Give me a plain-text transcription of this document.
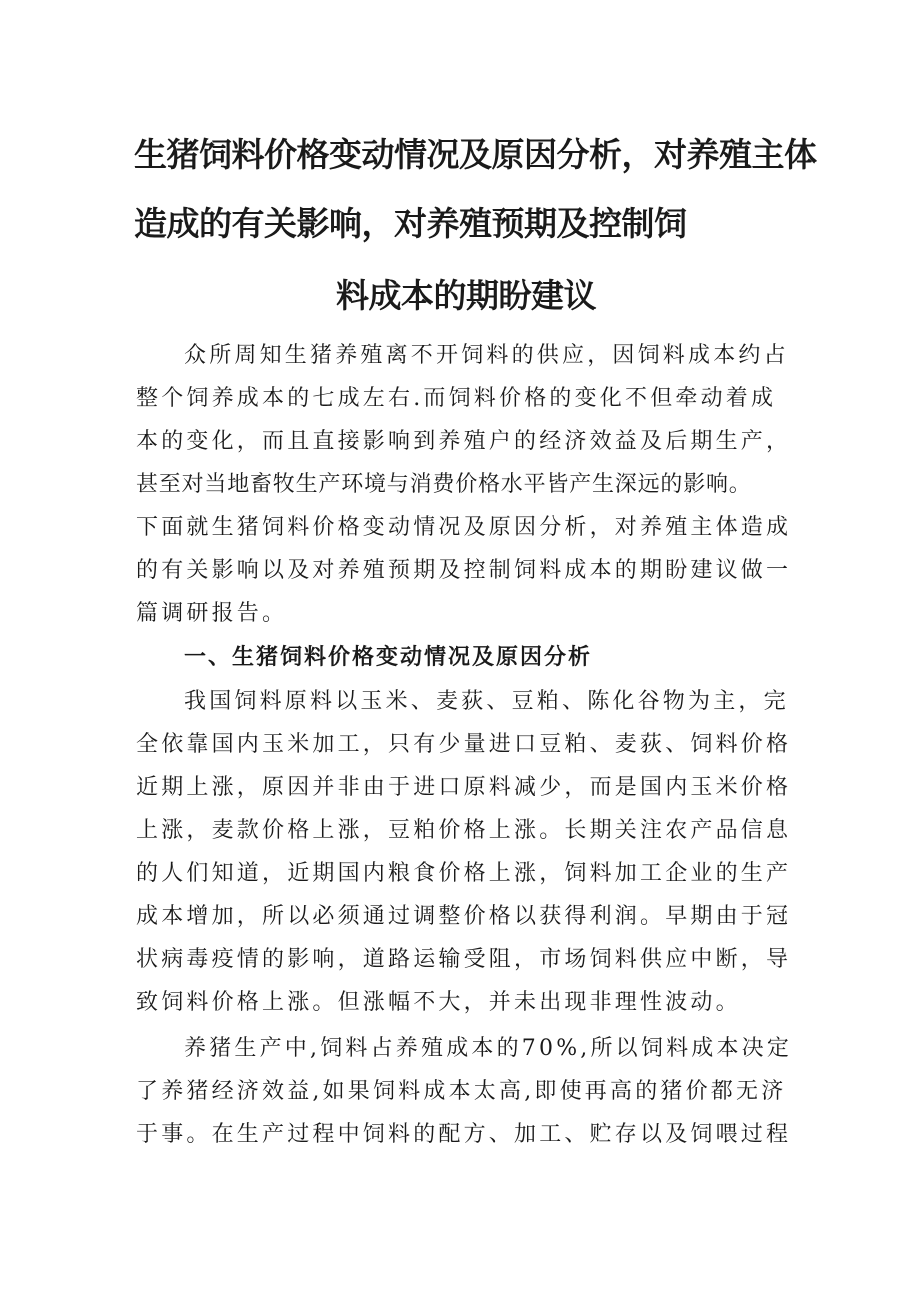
生猪饲料价格变动情况及原因分析，对养殖主体
造成的有关影响，对养殖预期及控制饲
料成本的期盼建议

众所周知生猪养殖离不开饲料的供应，因饲料成本约占

整个饲养成本的七成左右.而饲料价格的变化不但牵动着成

本的变化，而且直接影响到养殖户的经济效益及后期生产，

甚至对当地畜牧生产环境与消费价格水平皆产生深远的影响。

下面就生猪饲料价格变动情况及原因分析，对养殖主体造成

的有关影响以及对养殖预期及控制饲料成本的期盼建议做一

篇调研报告。

一、生猪饲料价格变动情况及原因分析

我国饲料原料以玉米、麦荻、豆粕、陈化谷物为主，完

全依靠国内玉米加工，只有少量进口豆粕、麦荻、饲料价格

近期上涨，原因并非由于进口原料减少，而是国内玉米价格

上涨，麦款价格上涨，豆粕价格上涨。长期关注农产品信息

的人们知道，近期国内粮食价格上涨，饲料加工企业的生产

成本增加，所以必须通过调整价格以获得利润。早期由于冠

状病毒疫情的影响，道路运输受阻，市场饲料供应中断，导

致饲料价格上涨。但涨幅不大，并未出现非理性波动。

养猪生产中,饲料占养殖成本的70%,所以饲料成本决定

了养猪经济效益,如果饲料成本太高,即使再高的猪价都无济

于事。在生产过程中饲料的配方、加工、贮存以及饲喂过程
